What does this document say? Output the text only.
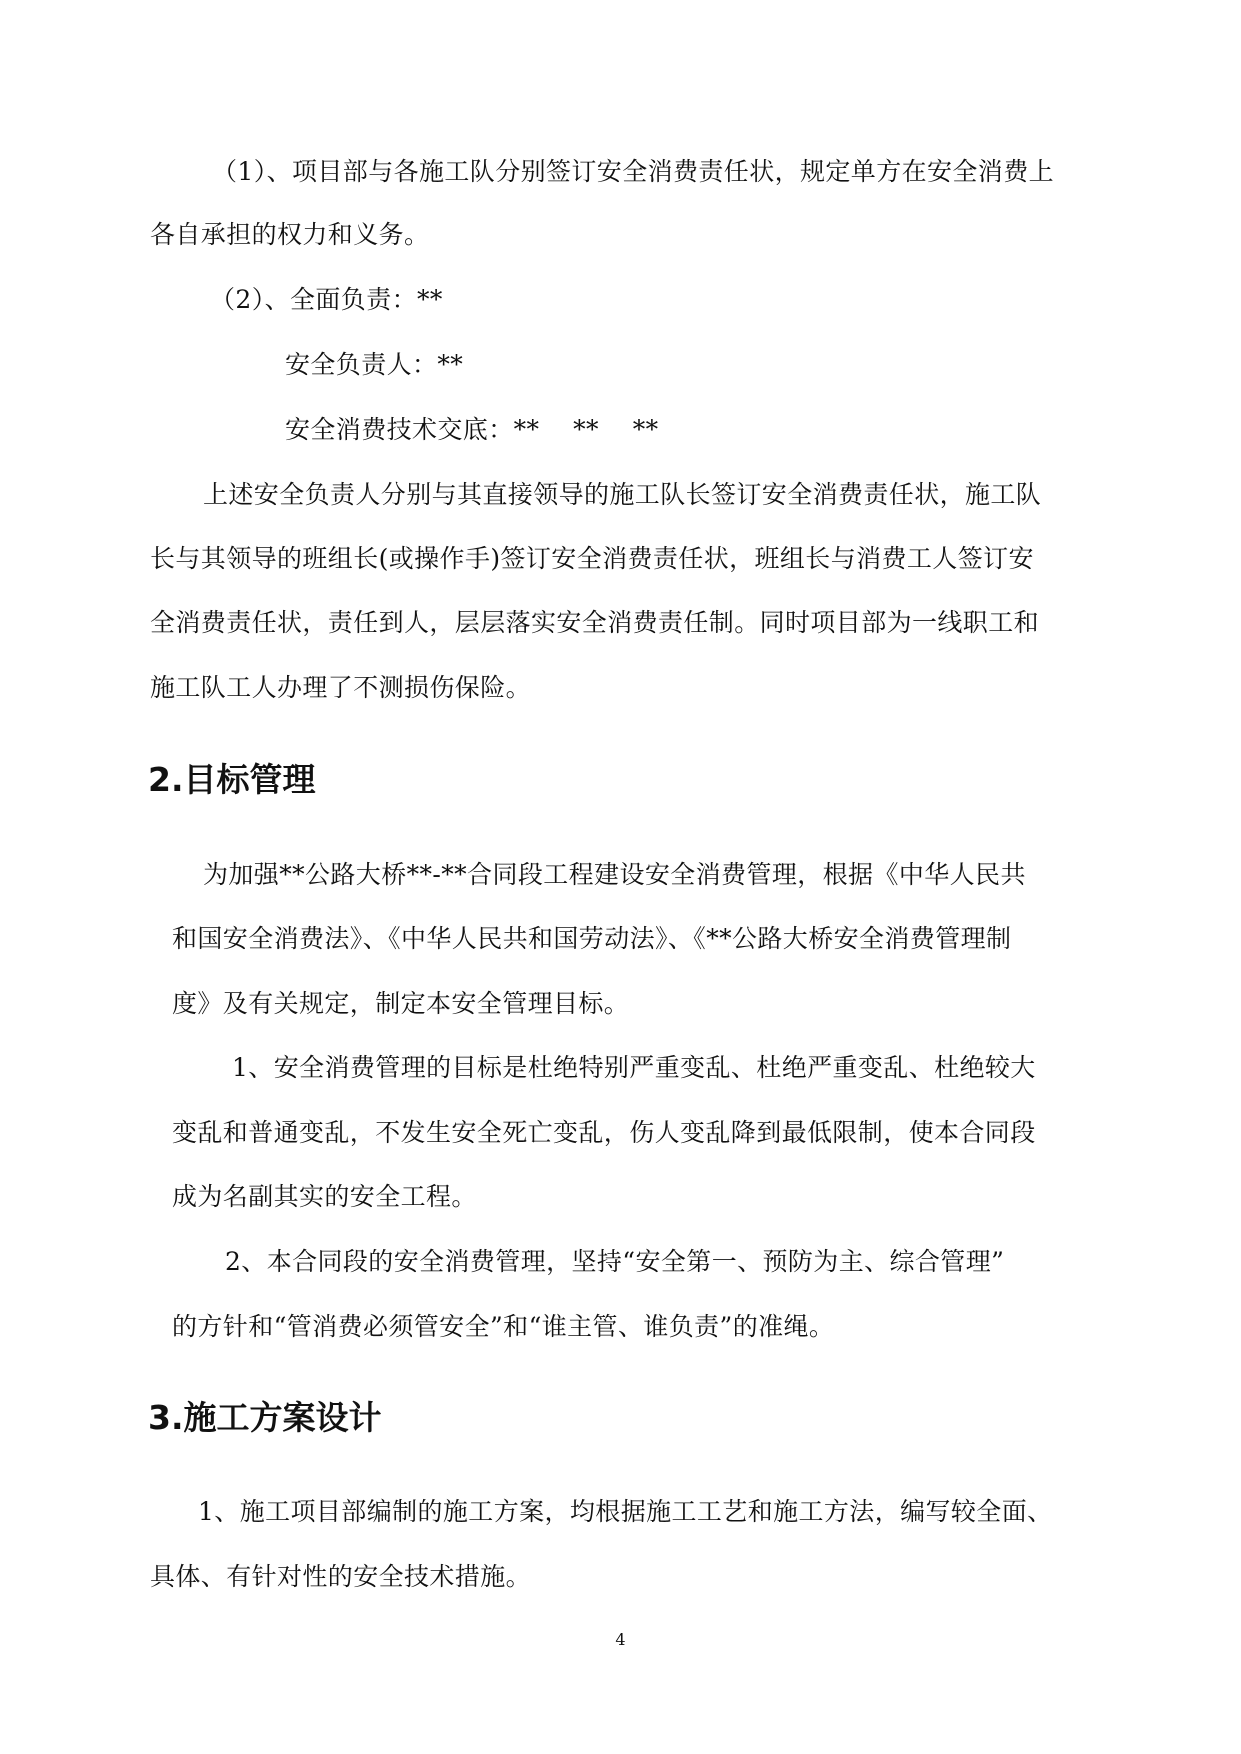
（1）、项目部与各施工队分别签订安全消费责任状，规定单方在安全消费上
各自承担的权力和义务。
（2）、全面负责：**
安全负责人：**
安全消费技术交底：**　 **　 **
上述安全负责人分别与其直接领导的施工队长签订安全消费责任状，施工队
长与其领导的班组长(或操作手)签订安全消费责任状，班组长与消费工人签订安
全消费责任状，责任到人，层层落实安全消费责任制。同时项目部为一线职工和
施工队工人办理了不测损伤保险。
2.目标管理
为加强**公路大桥**-**合同段工程建设安全消费管理，根据《中华人民共
和国安全消费法》、《中华人民共和国劳动法》、《**公路大桥安全消费管理制
度》及有关规定，制定本安全管理目标。
1、安全消费管理的目标是杜绝特别严重变乱、杜绝严重变乱、杜绝较大
变乱和普通变乱，不发生安全死亡变乱，伤人变乱降到最低限制，使本合同段
成为名副其实的安全工程。
2、本合同段的安全消费管理，坚持“安全第一、预防为主、综合管理”
的方针和“管消费必须管安全”和“谁主管、谁负责”的准绳。
3.施工方案设计
1、施工项目部编制的施工方案，均根据施工工艺和施工方法，编写较全面、
具体、有针对性的安全技术措施。
4
